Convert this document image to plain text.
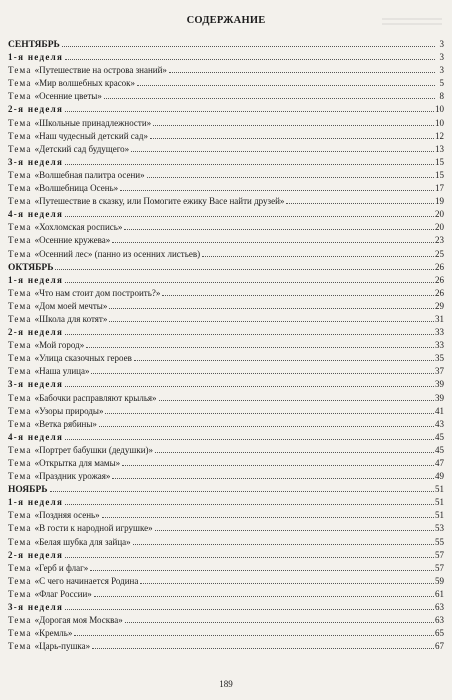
СОДЕРЖАНИЕ
СЕНТЯБРЬ	3
1-я неделя	3
Тема «Путешествие на острова знаний»	3
Тема «Мир волшебных красок»	5
Тема «Осенние цветы»	8
2-я неделя	10
Тема «Школьные принадлежности»	10
Тема «Наш чудесный детский сад»	12
Тема «Детский сад будущего»	13
3-я неделя	15
Тема «Волшебная палитра осени»	15
Тема «Волшебница Осень»	17
Тема «Путешествие в сказку, или Помогите ежику Васе найти друзей»	19
4-я неделя	20
Тема «Хохломская роспись»	20
Тема «Осенние кружева»	23
Тема «Осенний лес» (панно из осенних листьев)	25
ОКТЯБРЬ	26
1-я неделя	26
Тема «Что нам стоит дом построить?»	26
Тема «Дом моей мечты»	29
Тема «Школа для котят»	31
2-я неделя	33
Тема «Мой город»	33
Тема «Улица сказочных героев	35
Тема «Наша улица»	37
3-я неделя	39
Тема «Бабочки расправляют крылья»	39
Тема «Узоры природы»	41
Тема «Ветка рябины»	43
4-я неделя	45
Тема «Портрет бабушки (дедушки)»	45
Тема «Открытка для мамы»	47
Тема «Праздник урожая»	49
НОЯБРЬ	51
1-я неделя	51
Тема «Поздняя осень»	51
Тема «В гости к народной игрушке»	53
Тема «Белая шубка для зайца»	55
2-я неделя	57
Тема «Герб и флаг»	57
Тема «С чего начинается Родина	59
Тема «Флаг России»	61
3-я неделя	63
Тема «Дорогая моя Москва»	63
Тема «Кремль»	65
Тема «Царь-пушка»	67
189
